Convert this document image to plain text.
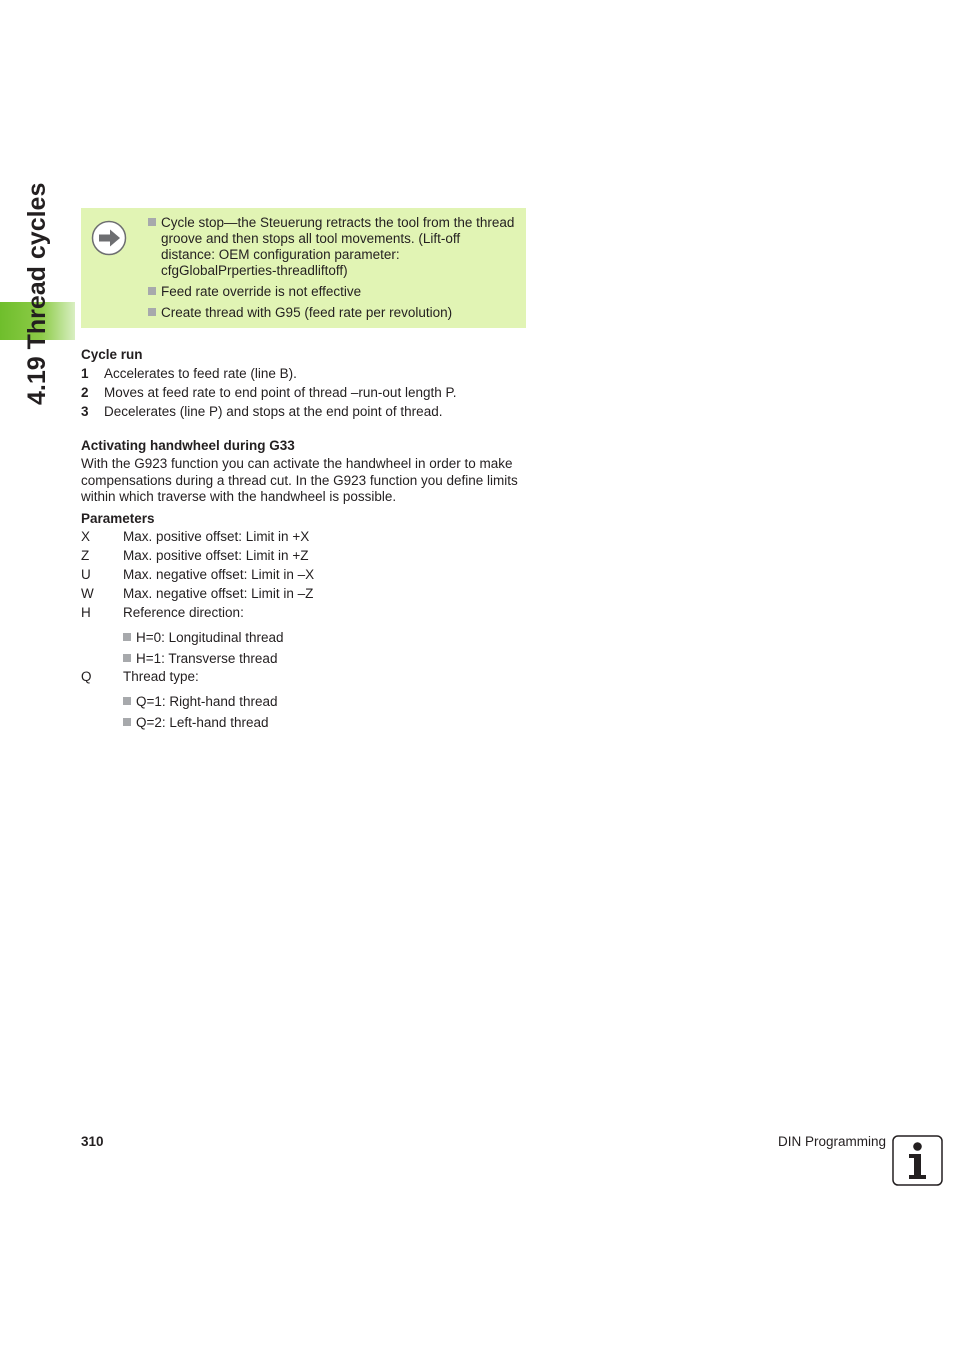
4.19 Thread cycles	Cycle stop—the Steuerung retracts the tool from the thread groove and then stops all tool movements. (Lift-off distance: OEM configuration parameter: cfgGlobalPrperties-threadliftoff)
Feed rate override is not effective
Create thread with G95 (feed rate per revolution)

Cycle run

1	Accelerates to feed rate (line B).
2	Moves at feed rate to end point of thread –run-out length P.
3	Decelerates (line P) and stops at the end point of thread.

Activating handwheel during G33

With the G923 function you can activate the handwheel in order to make compensations during a thread cut. In the G923 function you define limits within which traverse with the handwheel is possible.

Parameters

X	Max. positive offset: Limit in +X
Z	Max. positive offset: Limit in +Z
U	Max. negative offset: Limit in –X
W	Max. negative offset: Limit in –Z
H	Reference direction:
H=0: Longitudinal thread
H=1: Transverse thread
Q	Thread type:
Q=1: Right-hand thread
Q=2: Left-hand thread
310	DIN Programming
